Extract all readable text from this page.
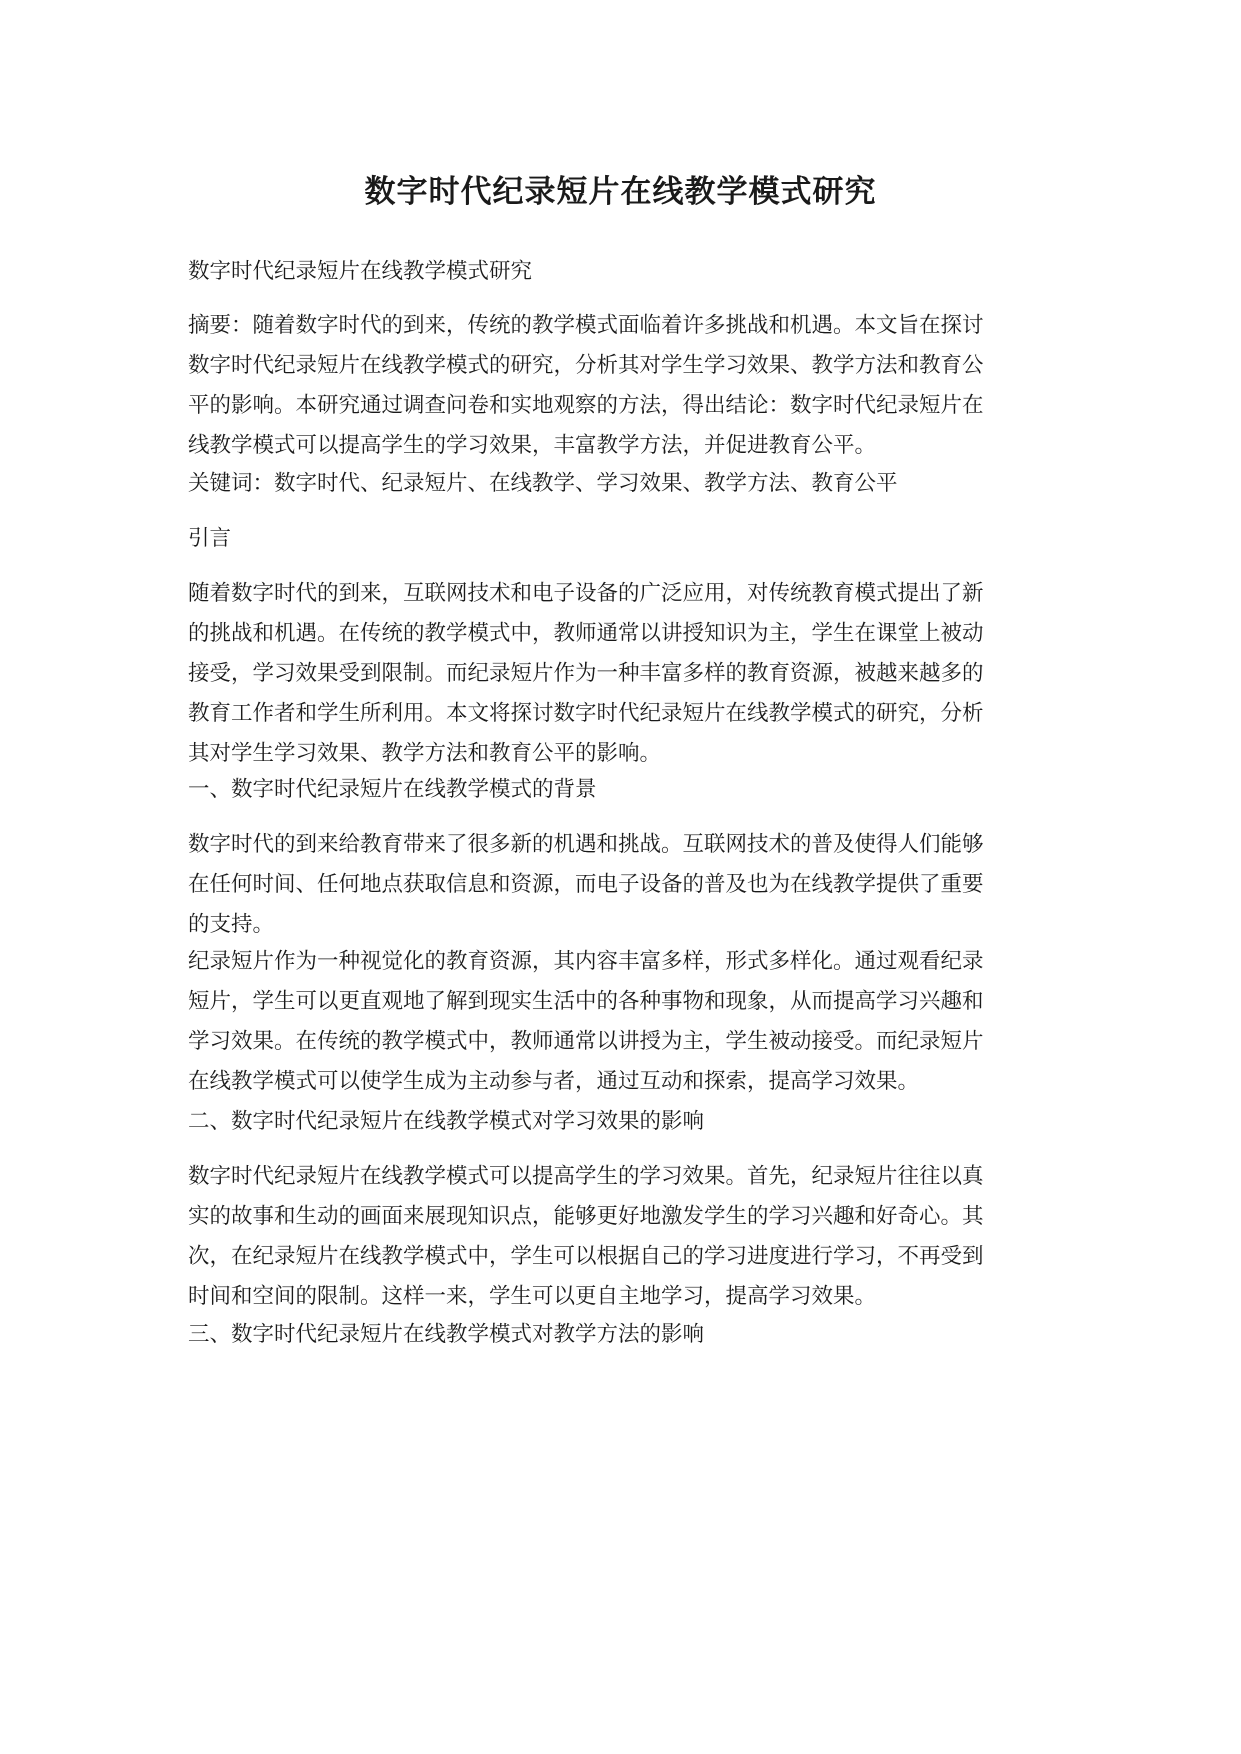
数字时代纪录短片在线教学模式研究
数字时代纪录短片在线教学模式研究

摘要：随着数字时代的到来，传统的教学模式面临着许多挑战和机遇。本文旨在探讨
数字时代纪录短片在线教学模式的研究，分析其对学生学习效果、教学方法和教育公
平的影响。本研究通过调查问卷和实地观察的方法，得出结论：数字时代纪录短片在
线教学模式可以提高学生的学习效果，丰富教学方法，并促进教育公平。

关键词：数字时代、纪录短片、在线教学、学习效果、教学方法、教育公平
引言

随着数字时代的到来，互联网技术和电子设备的广泛应用，对传统教育模式提出了新
的挑战和机遇。在传统的教学模式中，教师通常以讲授知识为主，学生在课堂上被动
接受，学习效果受到限制。而纪录短片作为一种丰富多样的教育资源，被越来越多的
教育工作者和学生所利用。本文将探讨数字时代纪录短片在线教学模式的研究，分析
其对学生学习效果、教学方法和教育公平的影响。

一、数字时代纪录短片在线教学模式的背景

数字时代的到来给教育带来了很多新的机遇和挑战。互联网技术的普及使得人们能够
在任何时间、任何地点获取信息和资源，而电子设备的普及也为在线教学提供了重要
的支持。

纪录短片作为一种视觉化的教育资源，其内容丰富多样，形式多样化。通过观看纪录
短片，学生可以更直观地了解到现实生活中的各种事物和现象，从而提高学习兴趣和
学习效果。在传统的教学模式中，教师通常以讲授为主，学生被动接受。而纪录短片
在线教学模式可以使学生成为主动参与者，通过互动和探索，提高学习效果。

二、数字时代纪录短片在线教学模式对学习效果的影响

数字时代纪录短片在线教学模式可以提高学生的学习效果。首先，纪录短片往往以真
实的故事和生动的画面来展现知识点，能够更好地激发学生的学习兴趣和好奇心。其
次，在纪录短片在线教学模式中，学生可以根据自己的学习进度进行学习，不再受到
时间和空间的限制。这样一来，学生可以更自主地学习，提高学习效果。

三、数字时代纪录短片在线教学模式对教学方法的影响
